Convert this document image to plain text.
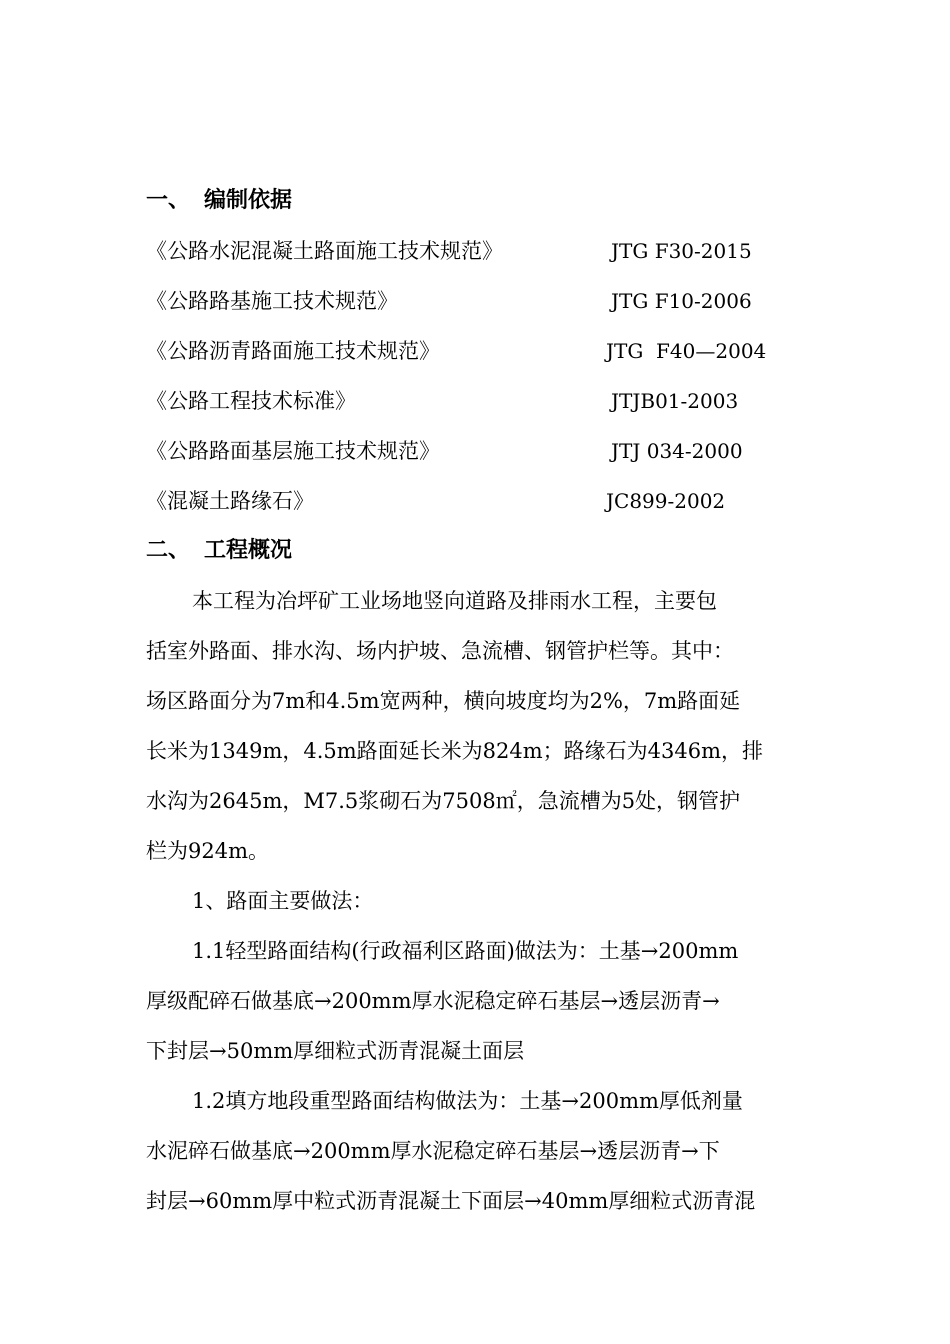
一、 编制依据
《公路水泥混凝土路面施工技术规范》	JTG F30-2015
《公路路基施工技术规范》	JTG F10-2006
《公路沥青路面施工技术规范》	JTG  F40—2004
《公路工程技术标准》	JTJB01-2003
《公路路面基层施工技术规范》	JTJ 034-2000
《混凝土路缘石》	JC899-2002
二、 工程概况
本工程为冶坪矿工业场地竖向道路及排雨水工程，主要包
括室外路面、排水沟、场内护坡、急流槽、钢管护栏等。其中：
场区路面分为7m和4.5m宽两种，横向坡度均为2%，7m路面延
长米为1349m，4.5m路面延长米为824m；路缘石为4346m，排
水沟为2645m，M7.5浆砌石为7508㎡，急流槽为5处，钢管护
栏为924m。
1、路面主要做法：
1.1轻型路面结构(行政福利区路面)做法为：土基→200mm
厚级配碎石做基底→200mm厚水泥稳定碎石基层→透层沥青→
下封层→50mm厚细粒式沥青混凝土面层
1.2填方地段重型路面结构做法为：土基→200mm厚低剂量
水泥碎石做基底→200mm厚水泥稳定碎石基层→透层沥青→下
封层→60mm厚中粒式沥青混凝土下面层→40mm厚细粒式沥青混
